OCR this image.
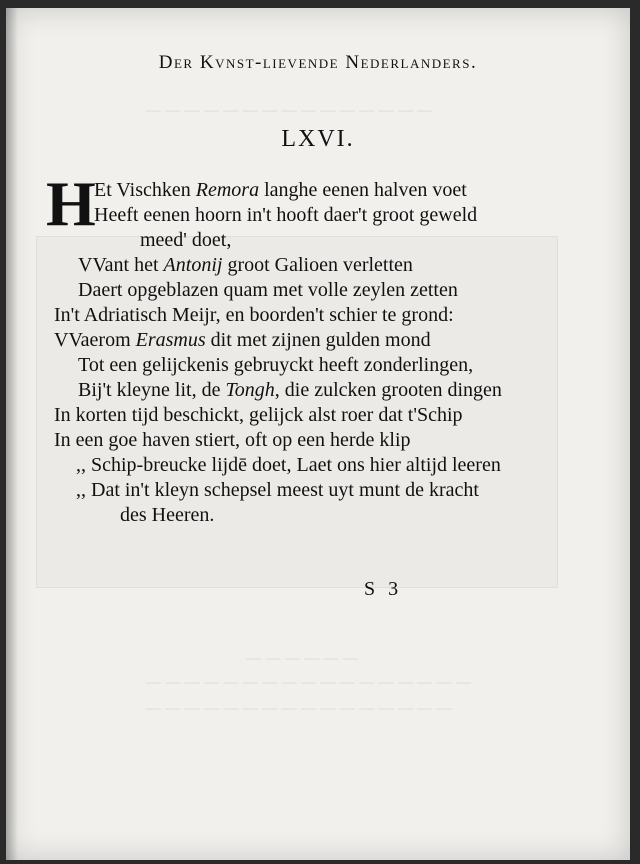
— — — — — — — — — — — — — — —
— — — — — —
— — — — — — — — — — — — — — — — —
— — — — — — — — — — — — — — — —
Der Kvnst-lievende Nederlanders.
LXVI.
H
Et Vischken Remora langhe eenen halven voet
Heeft eenen hoorn in't hooft daer't groot geweld
meed' doet,
VVant het Antonij groot Galioen verletten
Daert opgeblazen quam met volle zeylen zetten
In't Adriatisch Meijr, en boorden't schier te grond:
VVaerom Erasmus dit met zijnen gulden mond
Tot een gelijckenis gebruyckt heeft zonderlingen,
Bij't kleyne lit, de Tongh, die zulcken grooten dingen
In korten tijd beschickt, gelijck alst roer dat t'Schip
In een goe haven stiert, oft op een herde klip
,, Schip-breucke lijdē doet, Laet ons hier altijd leeren
,, Dat in't kleyn schepsel meest uyt munt de kracht
des Heeren.
S 3
